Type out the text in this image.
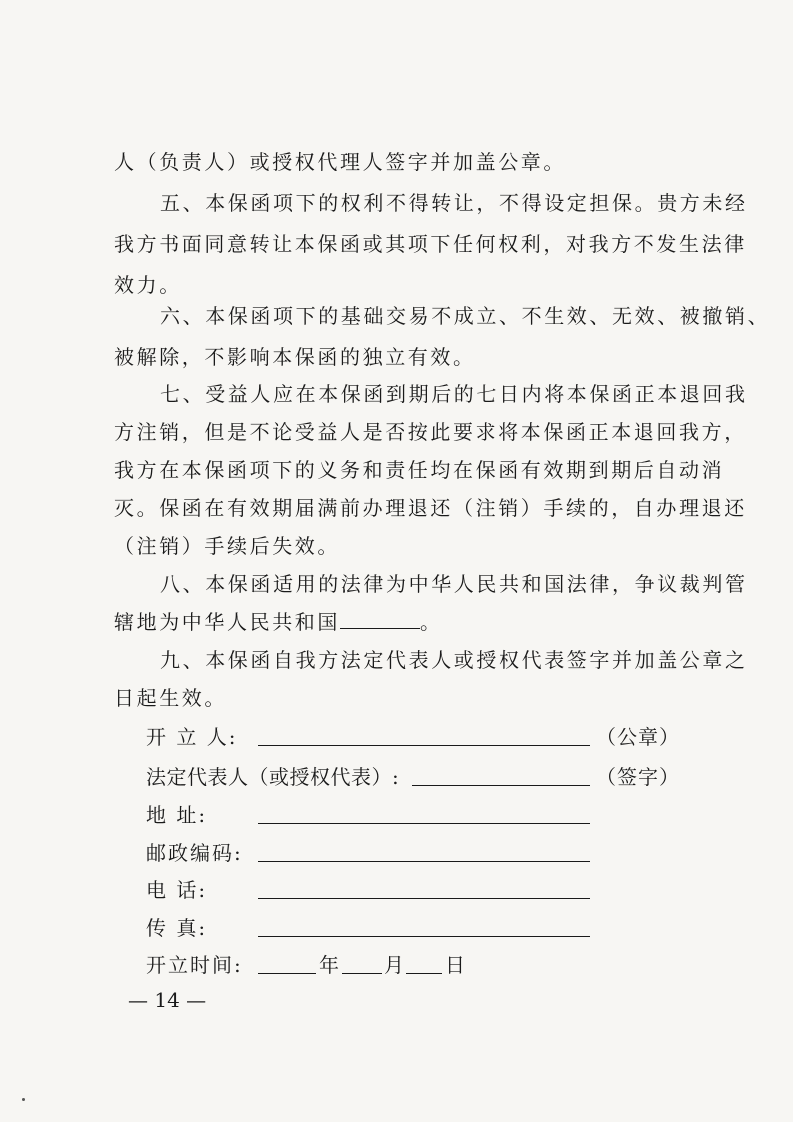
人（负责人）或授权代理人签字并加盖公章。
五、本保函项下的权利不得转让，不得设定担保。贵方未经
我方书面同意转让本保函或其项下任何权利，对我方不发生法律
效力。
六、本保函项下的基础交易不成立、不生效、无效、被撤销、
被解除，不影响本保函的独立有效。
七、受益人应在本保函到期后的七日内将本保函正本退回我
方注销，但是不论受益人是否按此要求将本保函正本退回我方，
我方在本保函项下的义务和责任均在保函有效期到期后自动消
灭。保函在有效期届满前办理退还（注销）手续的，自办理退还
（注销）手续后失效。
八、本保函适用的法律为中华人民共和国法律，争议裁判管
辖地为中华人民共和国	。
九、本保函自我方法定代表人或授权代表签字并加盖公章之
日起生效。
开 立 人:	（公章）
法定代表人（或授权代表）:	（签字）
地 址:
邮政编码:
电 话:
传 真:
开立时间:	年 月 日
— 14 —
